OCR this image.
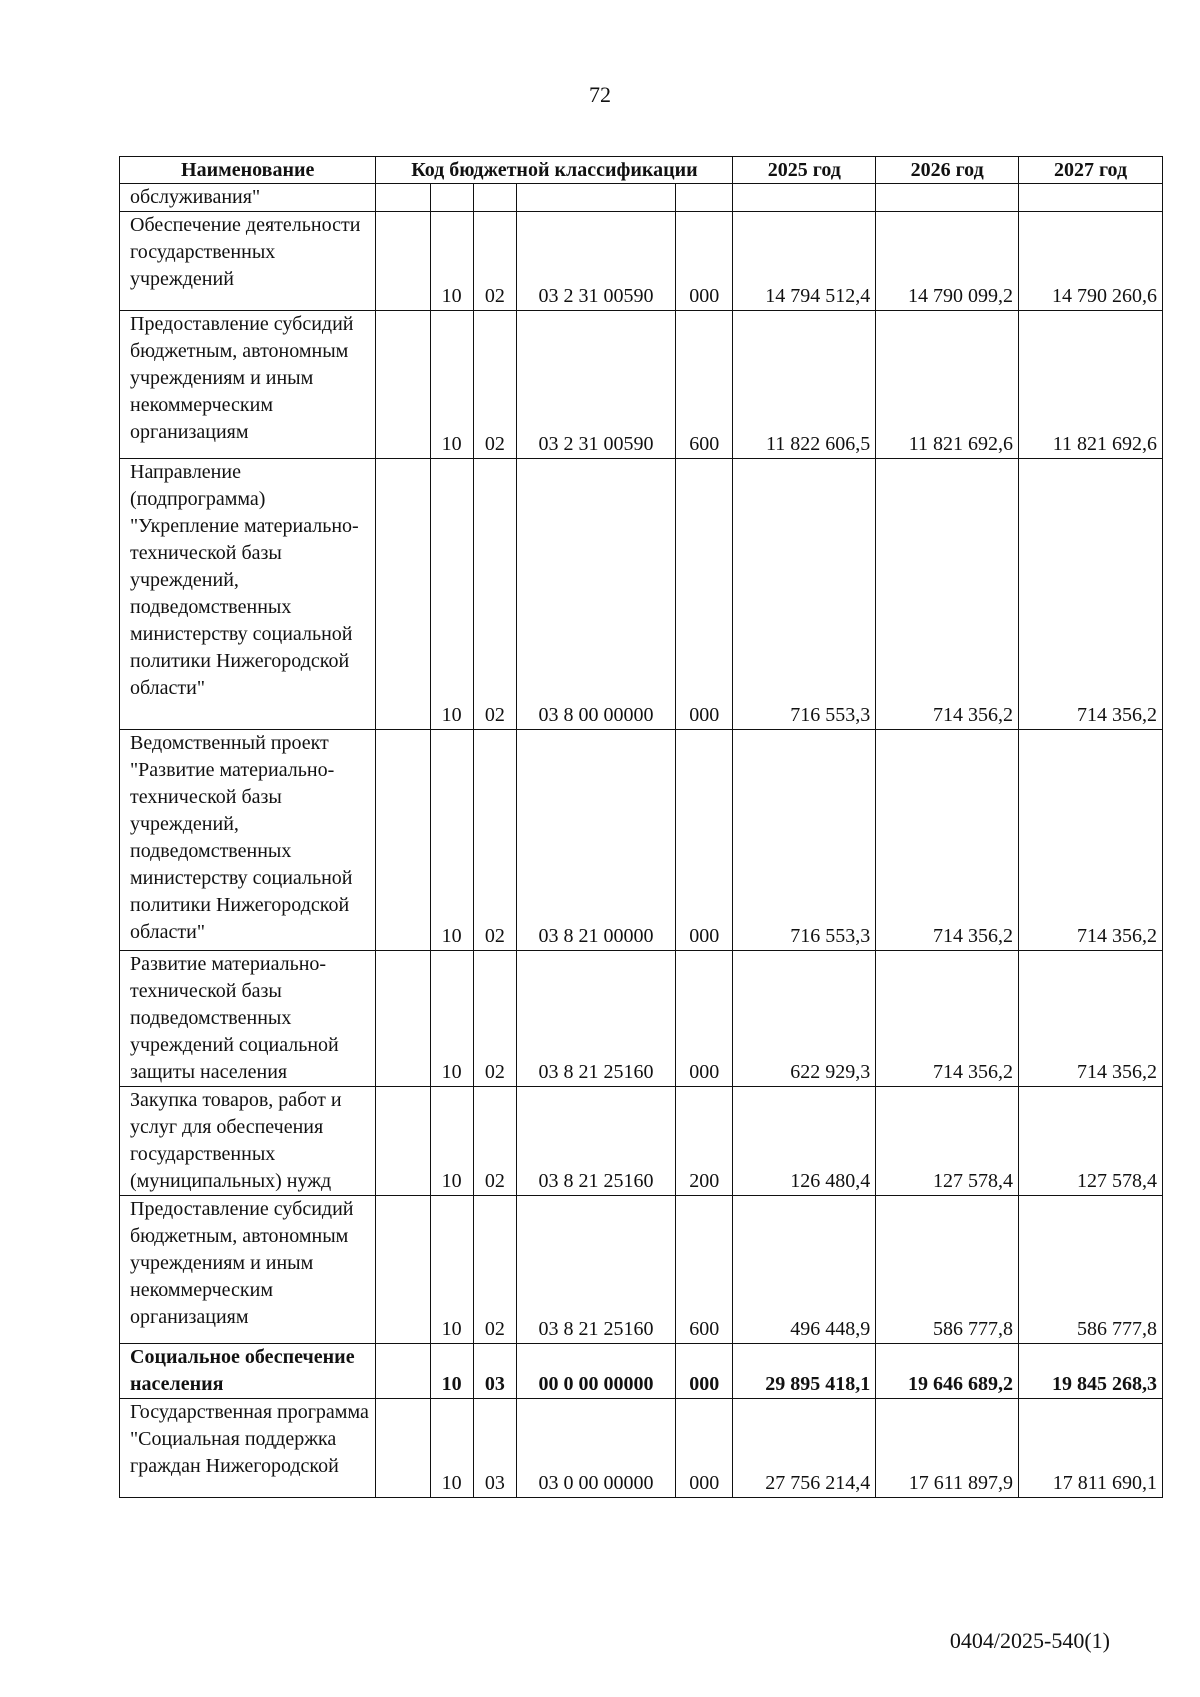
72
Наименование	Код бюджетной классификации					2025 год	2026 год	2027 год
обслуживания"								
Обеспечение деятельности государственных учреждений		10	02	03 2 31 00590	000	14 794 512,4	14 790 099,2	14 790 260,6
Предоставление субсидий бюджетным, автономным учреждениям и иным некоммерческим организациям		10	02	03 2 31 00590	600	11 822 606,5	11 821 692,6	11 821 692,6
Направление (подпрограмма) "Укрепление материально-технической базы учреждений, подведомственных министерству социальной политики Нижегородской области"		10	02	03 8 00 00000	000	716 553,3	714 356,2	714 356,2
Ведомственный проект "Развитие материально-технической базы учреждений, подведомственных министерству социальной политики Нижегородской области"		10	02	03 8 21 00000	000	716 553,3	714 356,2	714 356,2
Развитие материально-технической базы подведомственных учреждений социальной защиты населения		10	02	03 8 21 25160	000	622 929,3	714 356,2	714 356,2
Закупка товаров, работ и услуг для обеспечения государственных (муниципальных) нужд		10	02	03 8 21 25160	200	126 480,4	127 578,4	127 578,4
Предоставление субсидий бюджетным, автономным учреждениям и иным некоммерческим организациям		10	02	03 8 21 25160	600	496 448,9	586 777,8	586 777,8
Социальное обеспечение населения		10	03	00 0 00 00000	000	29 895 418,1	19 646 689,2	19 845 268,3
Государственная программа "Социальная поддержка граждан Нижегородской		10	03	03 0 00 00000	000	27 756 214,4	17 611 897,9	17 811 690,1
0404/2025-540(1)
